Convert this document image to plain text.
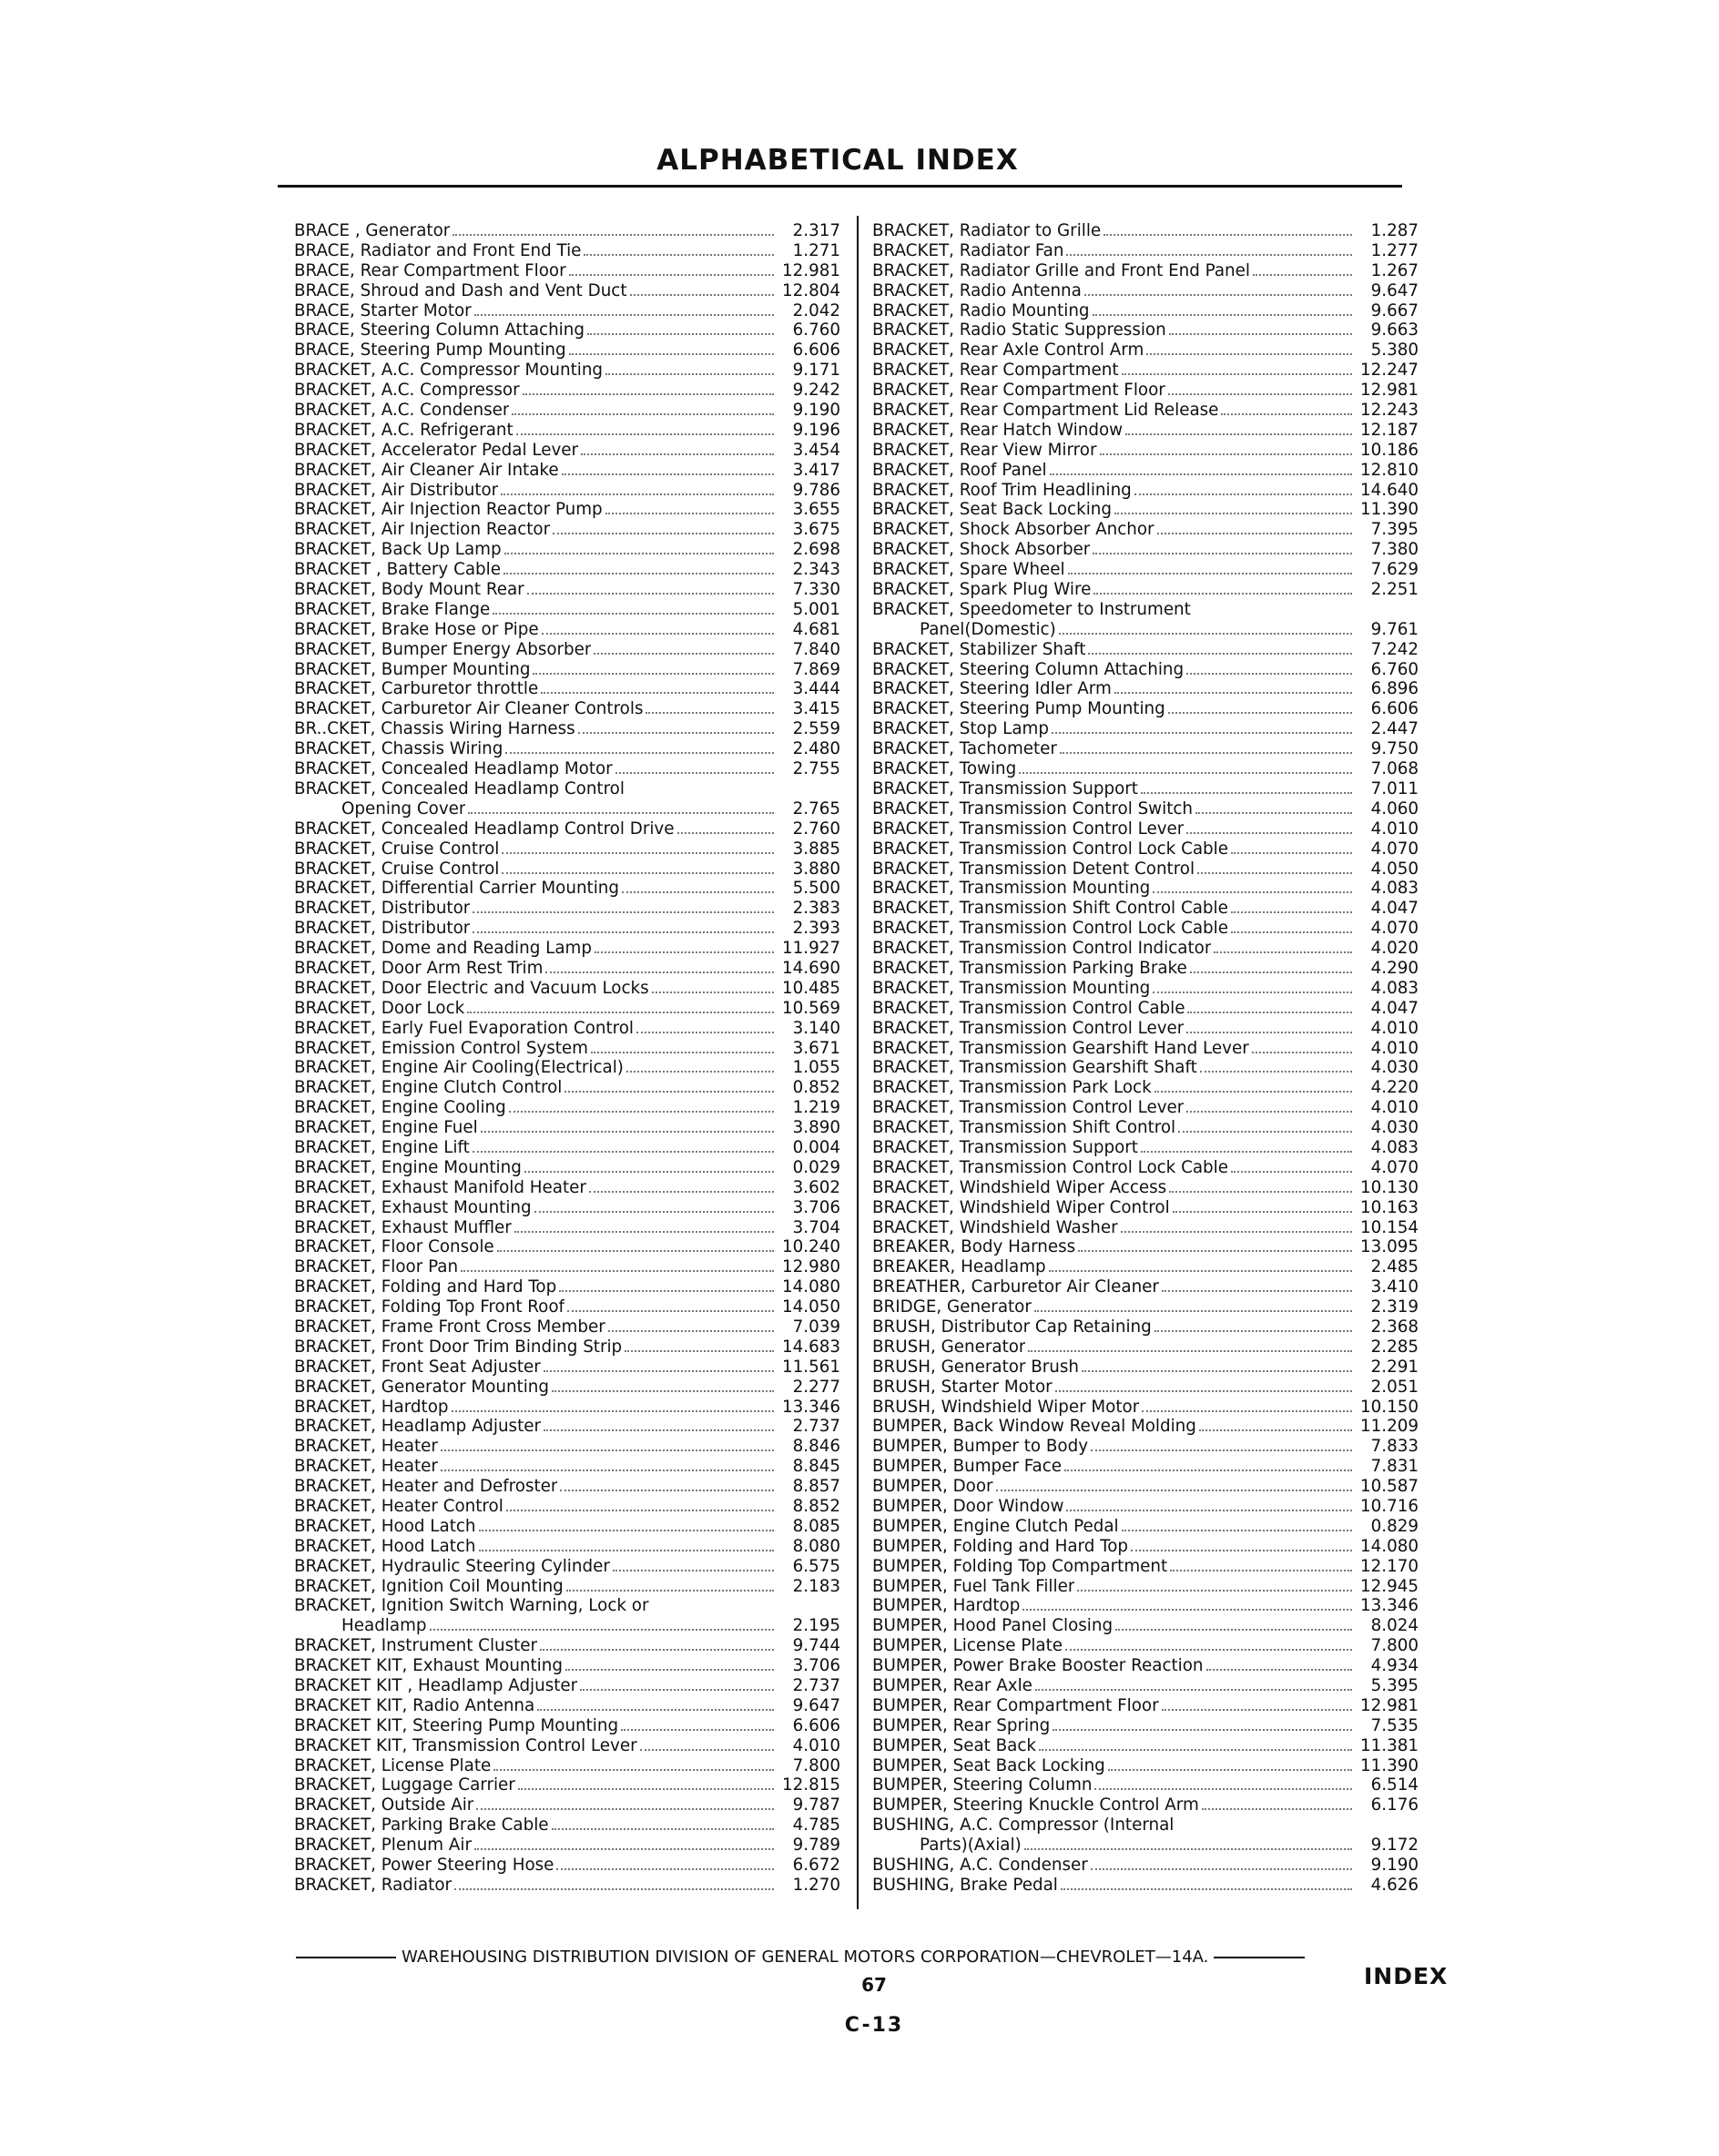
ALPHABETICAL INDEX
BRACE , Generator	2.317
BRACE, Radiator and Front End Tie	1.271
BRACE, Rear Compartment Floor	12.981
BRACE, Shroud and Dash and Vent Duct	12.804
BRACE, Starter Motor	2.042
BRACE, Steering Column Attaching	6.760
BRACE, Steering Pump Mounting	6.606
BRACKET, A.C. Compressor Mounting	9.171
BRACKET, A.C. Compressor	9.242
BRACKET, A.C. Condenser	9.190
BRACKET, A.C. Refrigerant	9.196
BRACKET, Accelerator Pedal Lever	3.454
BRACKET, Air Cleaner Air Intake	3.417
BRACKET, Air Distributor	9.786
BRACKET, Air Injection Reactor Pump	3.655
BRACKET, Air Injection Reactor	3.675
BRACKET, Back Up Lamp	2.698
BRACKET , Battery Cable	2.343
BRACKET, Body Mount Rear	7.330
BRACKET, Brake Flange	5.001
BRACKET, Brake Hose or Pipe	4.681
BRACKET, Bumper Energy Absorber	7.840
BRACKET, Bumper Mounting	7.869
BRACKET, Carburetor throttle	3.444
BRACKET, Carburetor Air Cleaner Controls	3.415
BR..CKET, Chassis Wiring Harness	2.559
BRACKET, Chassis Wiring	2.480
BRACKET, Concealed Headlamp Motor	2.755
BRACKET, Concealed Headlamp Control
Opening Cover	2.765
BRACKET, Concealed Headlamp Control Drive	2.760
BRACKET, Cruise Control	3.885
BRACKET, Cruise Control	3.880
BRACKET, Differential Carrier Mounting	5.500
BRACKET, Distributor	2.383
BRACKET, Distributor	2.393
BRACKET, Dome and Reading Lamp	11.927
BRACKET, Door Arm Rest Trim	14.690
BRACKET, Door Electric and Vacuum Locks	10.485
BRACKET, Door Lock	10.569
BRACKET, Early Fuel Evaporation Control	3.140
BRACKET, Emission Control System	3.671
BRACKET, Engine Air Cooling(Electrical)	1.055
BRACKET, Engine Clutch Control	0.852
BRACKET, Engine Cooling	1.219
BRACKET, Engine Fuel	3.890
BRACKET, Engine Lift	0.004
BRACKET, Engine Mounting	0.029
BRACKET, Exhaust Manifold Heater	3.602
BRACKET, Exhaust Mounting	3.706
BRACKET, Exhaust Muffler	3.704
BRACKET, Floor Console	10.240
BRACKET, Floor Pan	12.980
BRACKET, Folding and Hard Top	14.080
BRACKET, Folding Top Front Roof	14.050
BRACKET, Frame Front Cross Member	7.039
BRACKET, Front Door Trim Binding Strip	14.683
BRACKET, Front Seat Adjuster	11.561
BRACKET, Generator Mounting	2.277
BRACKET, Hardtop	13.346
BRACKET, Headlamp Adjuster	2.737
BRACKET, Heater	8.846
BRACKET, Heater	8.845
BRACKET, Heater and Defroster	8.857
BRACKET, Heater Control	8.852
BRACKET, Hood Latch	8.085
BRACKET, Hood Latch	8.080
BRACKET, Hydraulic Steering Cylinder	6.575
BRACKET, Ignition Coil Mounting	2.183
BRACKET, Ignition Switch Warning, Lock or
Headlamp	2.195
BRACKET, Instrument Cluster	9.744
BRACKET KIT, Exhaust Mounting	3.706
BRACKET KIT , Headlamp Adjuster	2.737
BRACKET KIT, Radio Antenna	9.647
BRACKET KIT, Steering Pump Mounting	6.606
BRACKET KIT, Transmission Control Lever	4.010
BRACKET, License Plate	7.800
BRACKET, Luggage Carrier	12.815
BRACKET, Outside Air	9.787
BRACKET, Parking Brake Cable	4.785
BRACKET, Plenum Air	9.789
BRACKET, Power Steering Hose	6.672
BRACKET, Radiator	1.270
BRACKET, Radiator to Grille	1.287
BRACKET, Radiator Fan	1.277
BRACKET, Radiator Grille and Front End Panel	1.267
BRACKET, Radio Antenna	9.647
BRACKET, Radio Mounting	9.667
BRACKET, Radio Static Suppression	9.663
BRACKET, Rear Axle Control Arm	5.380
BRACKET, Rear Compartment	12.247
BRACKET, Rear Compartment Floor	12.981
BRACKET, Rear Compartment Lid Release	12.243
BRACKET, Rear Hatch Window	12.187
BRACKET, Rear View Mirror	10.186
BRACKET, Roof Panel	12.810
BRACKET, Roof Trim Headlining	14.640
BRACKET, Seat Back Locking	11.390
BRACKET, Shock Absorber Anchor	7.395
BRACKET, Shock Absorber	7.380
BRACKET, Spare Wheel	7.629
BRACKET, Spark Plug Wire	2.251
BRACKET, Speedometer to Instrument
Panel(Domestic)	9.761
BRACKET, Stabilizer Shaft	7.242
BRACKET, Steering Column Attaching	6.760
BRACKET, Steering Idler Arm	6.896
BRACKET, Steering Pump Mounting	6.606
BRACKET, Stop Lamp	2.447
BRACKET, Tachometer	9.750
BRACKET, Towing	7.068
BRACKET, Transmission Support	7.011
BRACKET, Transmission Control Switch	4.060
BRACKET, Transmission Control Lever	4.010
BRACKET, Transmission Control Lock Cable	4.070
BRACKET, Transmission Detent Control	4.050
BRACKET, Transmission Mounting	4.083
BRACKET, Transmission Shift Control Cable	4.047
BRACKET, Transmission Control Lock Cable	4.070
BRACKET, Transmission Control Indicator	4.020
BRACKET, Transmission Parking Brake	4.290
BRACKET, Transmission Mounting	4.083
BRACKET, Transmission Control Cable	4.047
BRACKET, Transmission Control Lever	4.010
BRACKET, Transmission Gearshift Hand Lever	4.010
BRACKET, Transmission Gearshift Shaft	4.030
BRACKET, Transmission Park Lock	4.220
BRACKET, Transmission Control Lever	4.010
BRACKET, Transmission Shift Control	4.030
BRACKET, Transmission Support	4.083
BRACKET, Transmission Control Lock Cable	4.070
BRACKET, Windshield Wiper Access	10.130
BRACKET, Windshield Wiper Control	10.163
BRACKET, Windshield Washer	10.154
BREAKER, Body Harness	13.095
BREAKER, Headlamp	2.485
BREATHER, Carburetor Air Cleaner	3.410
BRIDGE, Generator	2.319
BRUSH, Distributor Cap Retaining	2.368
BRUSH, Generator	2.285
BRUSH, Generator Brush	2.291
BRUSH, Starter Motor	2.051
BRUSH, Windshield Wiper Motor	10.150
BUMPER, Back Window Reveal Molding	11.209
BUMPER, Bumper to Body	7.833
BUMPER, Bumper Face	7.831
BUMPER, Door	10.587
BUMPER, Door Window	10.716
BUMPER, Engine Clutch Pedal	0.829
BUMPER, Folding and Hard Top	14.080
BUMPER, Folding Top Compartment	12.170
BUMPER, Fuel Tank Filler	12.945
BUMPER, Hardtop	13.346
BUMPER, Hood Panel Closing	8.024
BUMPER, License Plate	7.800
BUMPER, Power Brake Booster Reaction	4.934
BUMPER, Rear Axle	5.395
BUMPER, Rear Compartment Floor	12.981
BUMPER, Rear Spring	7.535
BUMPER, Seat Back	11.381
BUMPER, Seat Back Locking	11.390
BUMPER, Steering Column	6.514
BUMPER, Steering Knuckle Control Arm	6.176
BUSHING, A.C. Compressor (Internal
Parts)(Axial)	9.172
BUSHING, A.C. Condenser	9.190
BUSHING, Brake Pedal	4.626
WAREHOUSING DISTRIBUTION DIVISION OF GENERAL MOTORS CORPORATION—CHEVROLET—14A.
INDEX
67
C-13
